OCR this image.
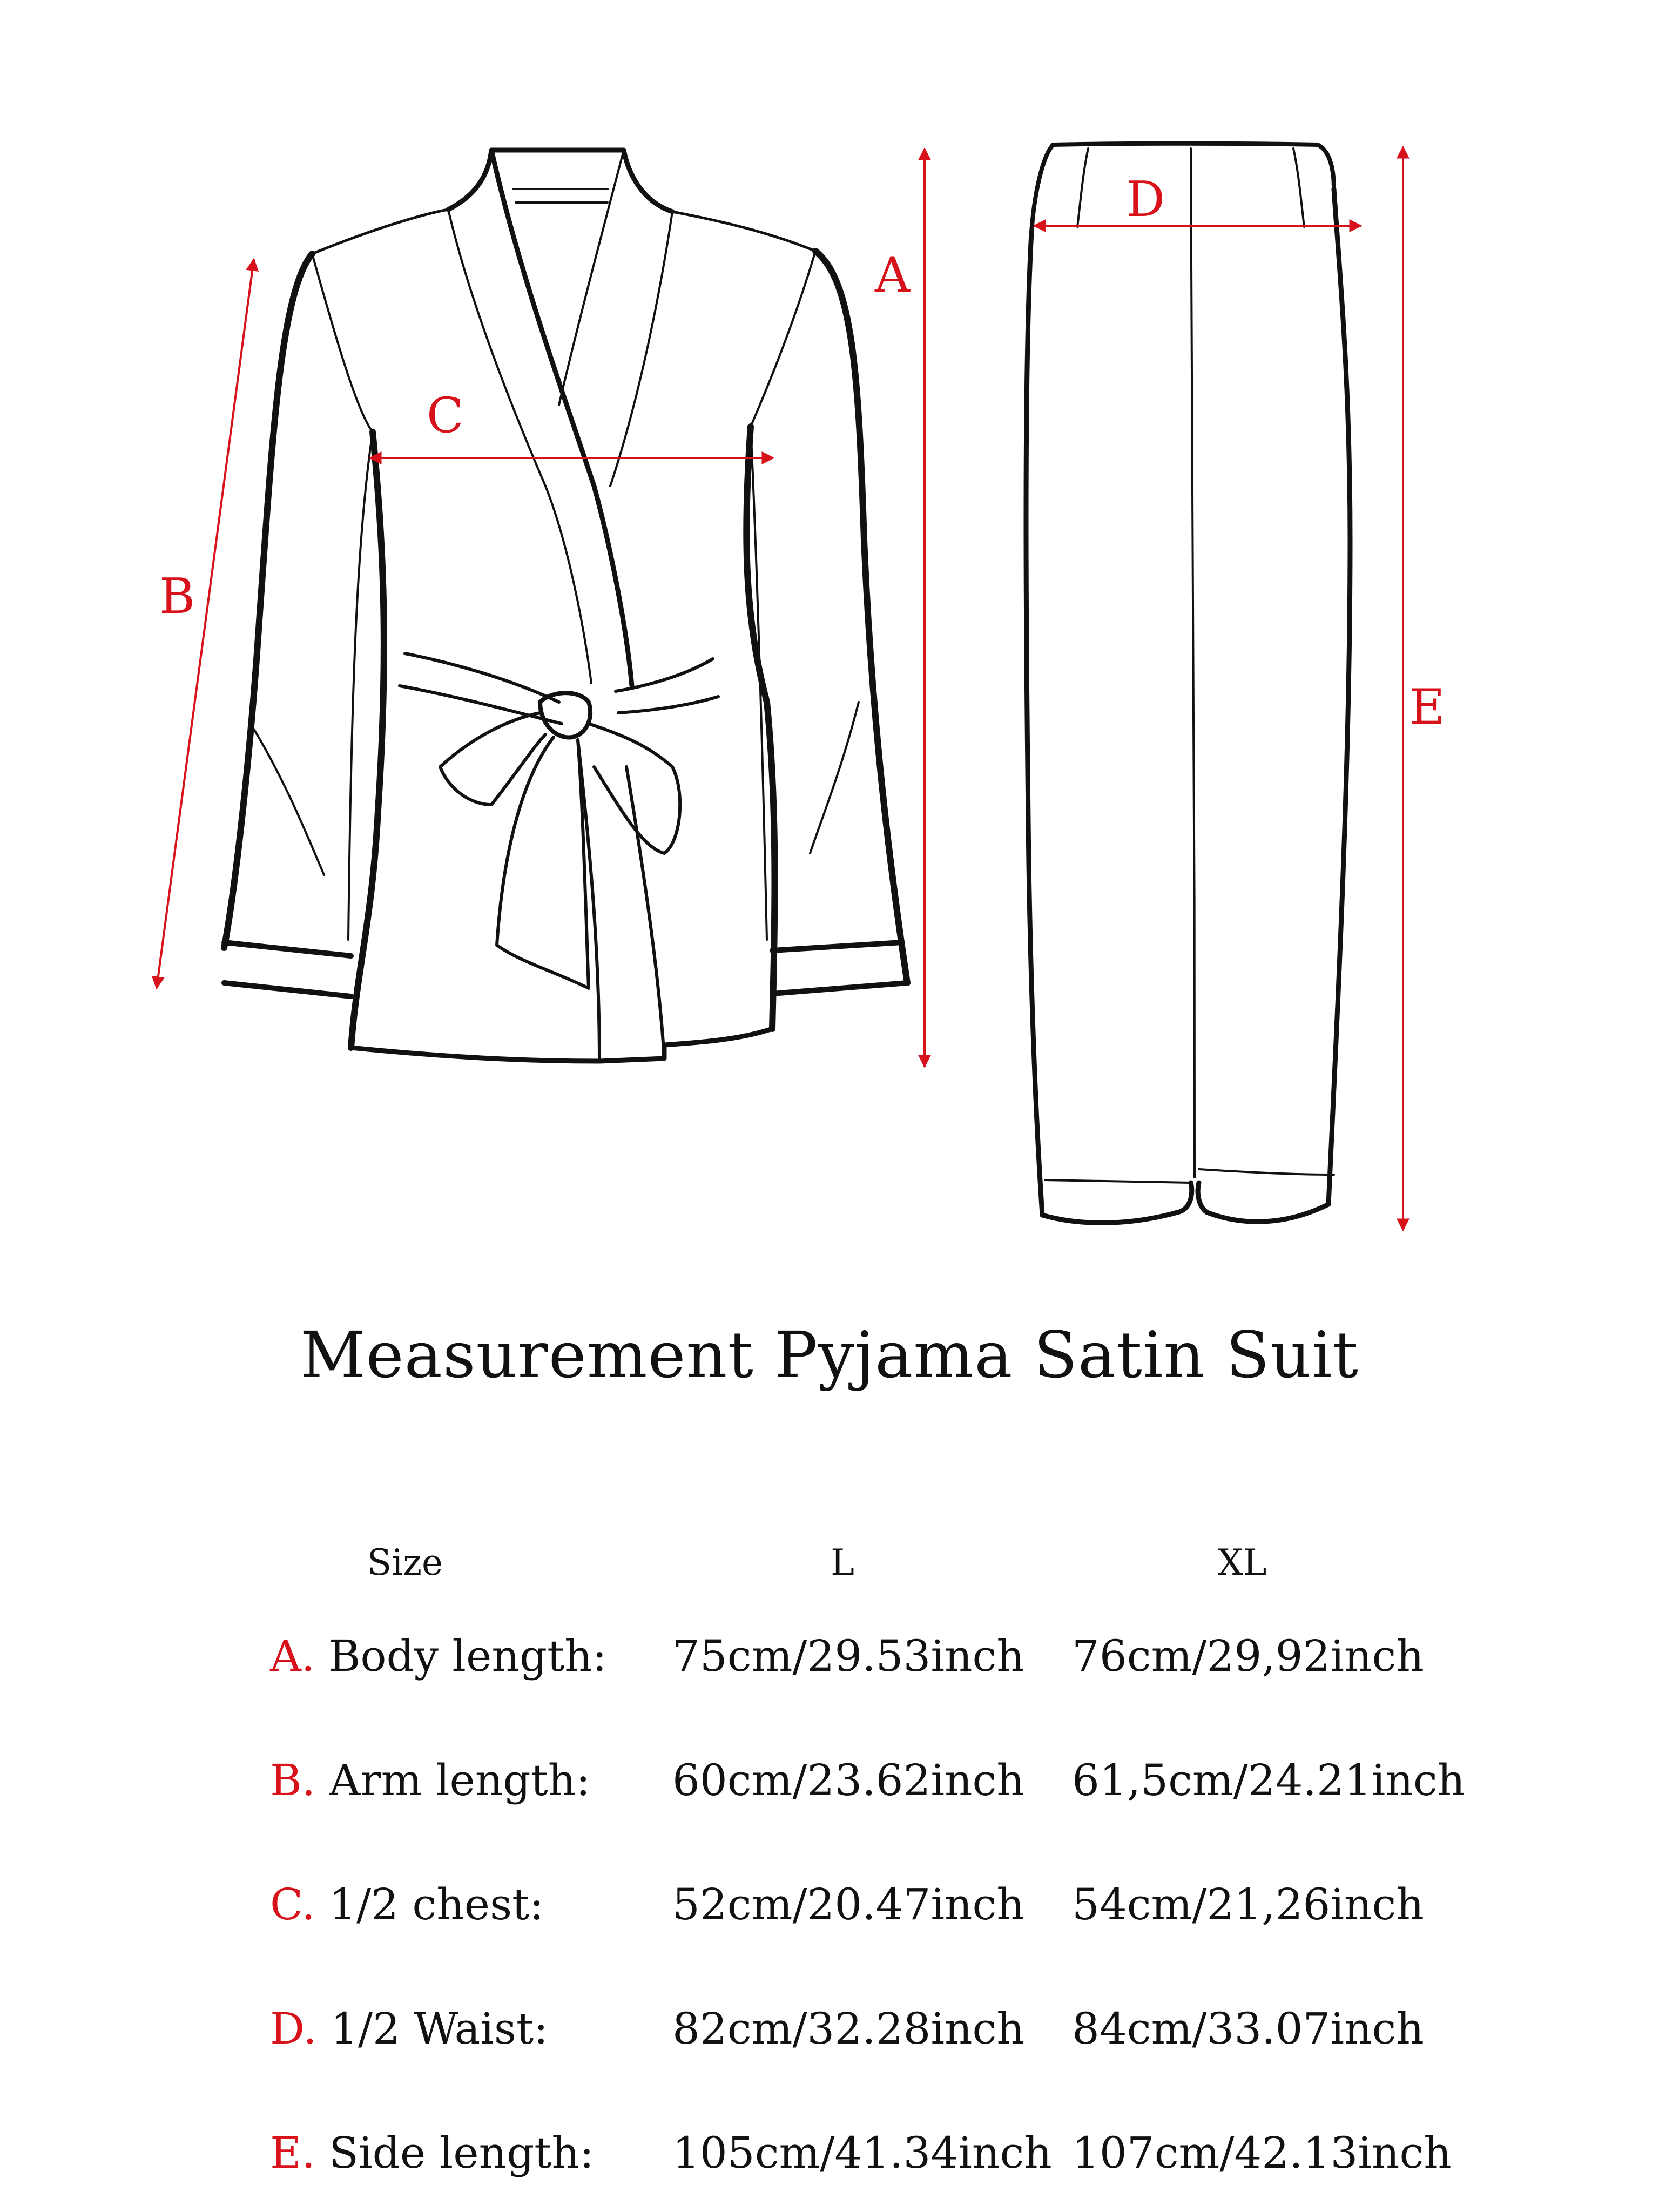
A
B
C
D
E
Measurement Pyjama Satin Suit
Size	L	XL
A. Body length: 75cm/29.53inch 76cm/29,92inch
B. Arm length: 60cm/23.62inch 61,5cm/24.21inch
C. 1/2 chest:	52cm/20.47inch 54cm/21,26inch
D. 1/2 Waist:	82cm/32.28inch 84cm/33.07inch
E. Side length: 105cm/41.34inch 107cm/42.13inch
